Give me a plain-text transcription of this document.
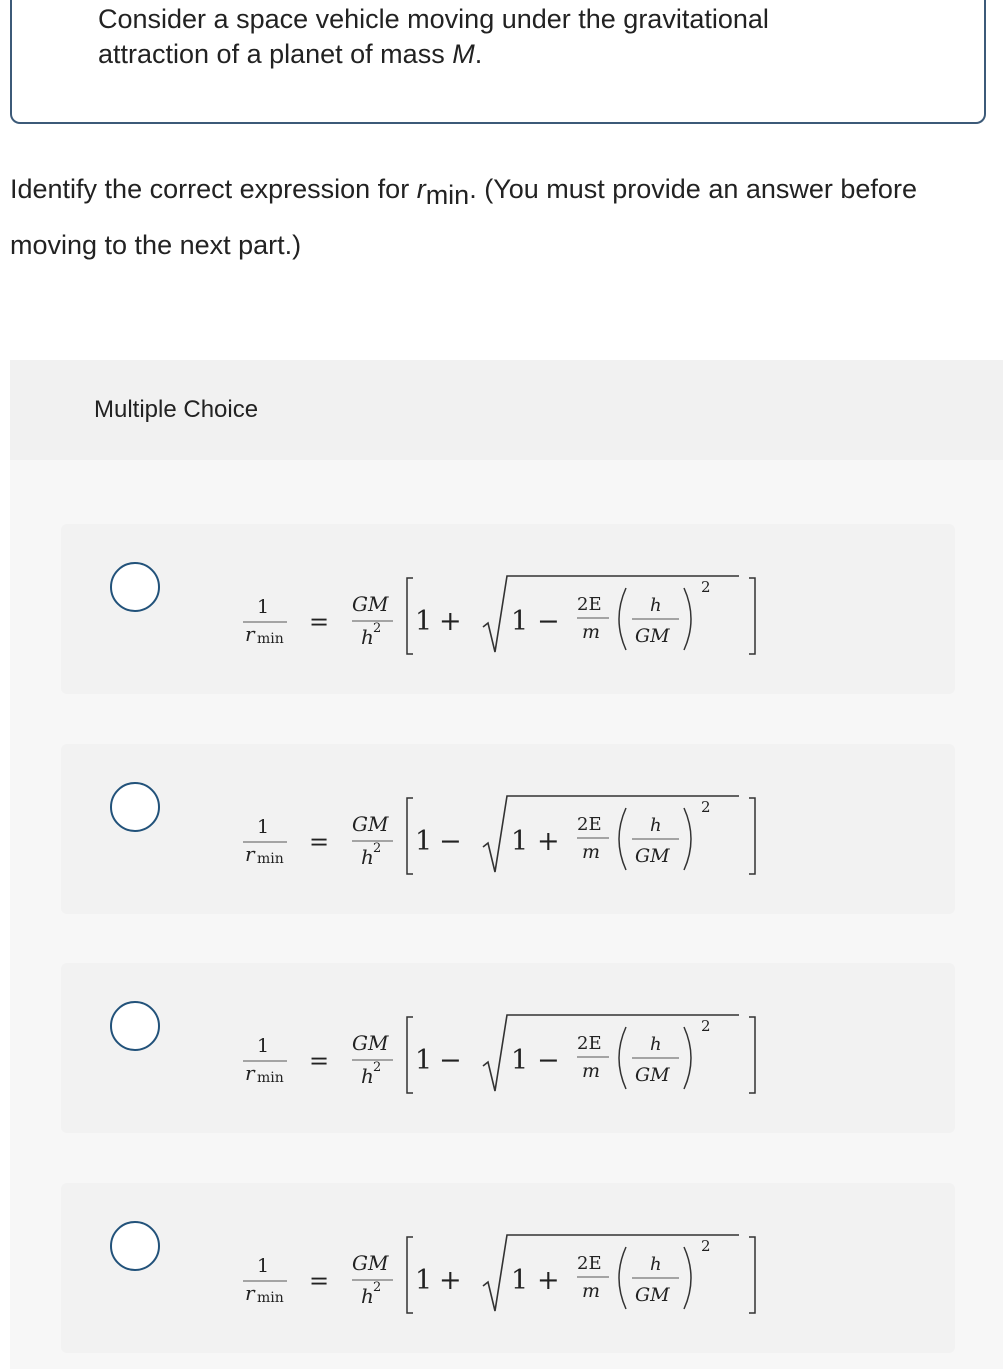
Consider a space vehicle moving under the gravitational
attraction of a planet of mass M.
Identify the correct expression for rmin. (You must provide an answer before moving to the next part.)
Multiple Choice
1
r min
=
GM
h 2 1 + 1 −
2E
m
h
GM
2
1
r min
=
GM
h 2 1 − 1 +
2E
m
h
GM
2
1
r min
=
GM
h 2 1 − 1 −
2E
m
h
GM
2
1
r min
=
GM
h 2 1 + 1 +
2E
m
h
GM
2
